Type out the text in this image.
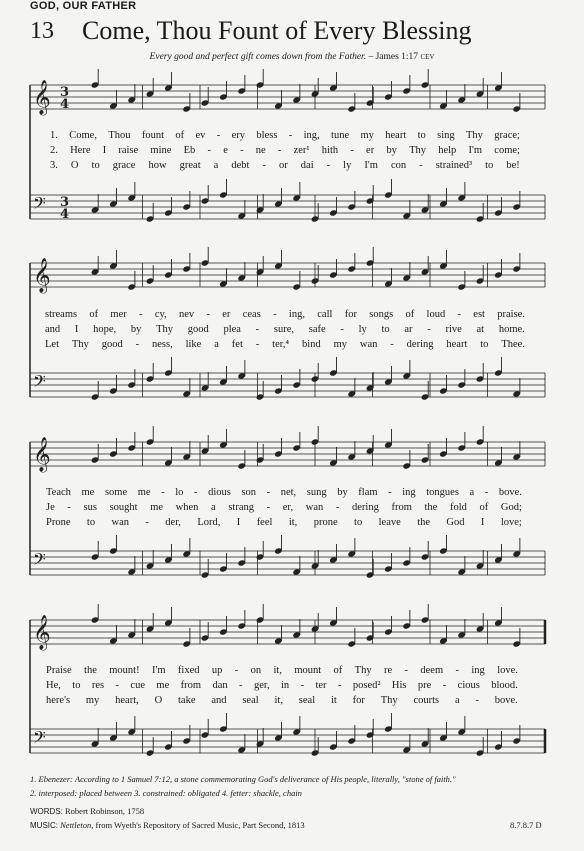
GOD, OUR FATHER
13 Come, Thou Fount of Every Blessing
Every good and perfect gift comes down from the Father. – James 1:17 CEV
𝄞 3
4
𝄢 3
4
𝄞
𝄢
𝄞
𝄢
𝄞
𝄢
1. Come, Thou fount of ev - ery bless - ing, tune my heart to sing Thy grace;
2. Here I raise mine Eb - e - ne - zer¹ hith - er by Thy help I'm come;
3. O to grace how great a debt - or dai - ly I'm con - strained³ to be!
streams of mer - cy, nev - er ceas - ing, call for songs of loud - est praise.
and I hope, by Thy good plea - sure, safe - ly to ar - rive at home.
Let Thy good - ness, like a fet - ter,⁴ bind my wan - dering heart to Thee.
Teach me some me - lo - dious son - net, sung by flam - ing tongues a - bove.
Je - sus sought me when a strang - er, wan - dering from the fold of God;
Prone to wan - der, Lord, I feel it, prone to leave the God I love;
Praise the mount! I'm fixed up - on it, mount of Thy re - deem - ing love.
He, to res - cue me from dan - ger, in - ter - posed² His pre - cious blood.
here's my heart, O take and seal it, seal it for Thy courts a - bove.
1. Ebenezer: According to 1 Samuel 7:12, a stone commemorating God's deliverance of His people, literally, "stone of faith."
2. interposed: placed between 3. constrained: obligated 4. fetter: shackle, chain
WORDS: Robert Robinson, 1758
MUSIC: Nettleton, from Wyeth's Repository of Sacred Music, Part Second, 1813	8.7.8.7 D
